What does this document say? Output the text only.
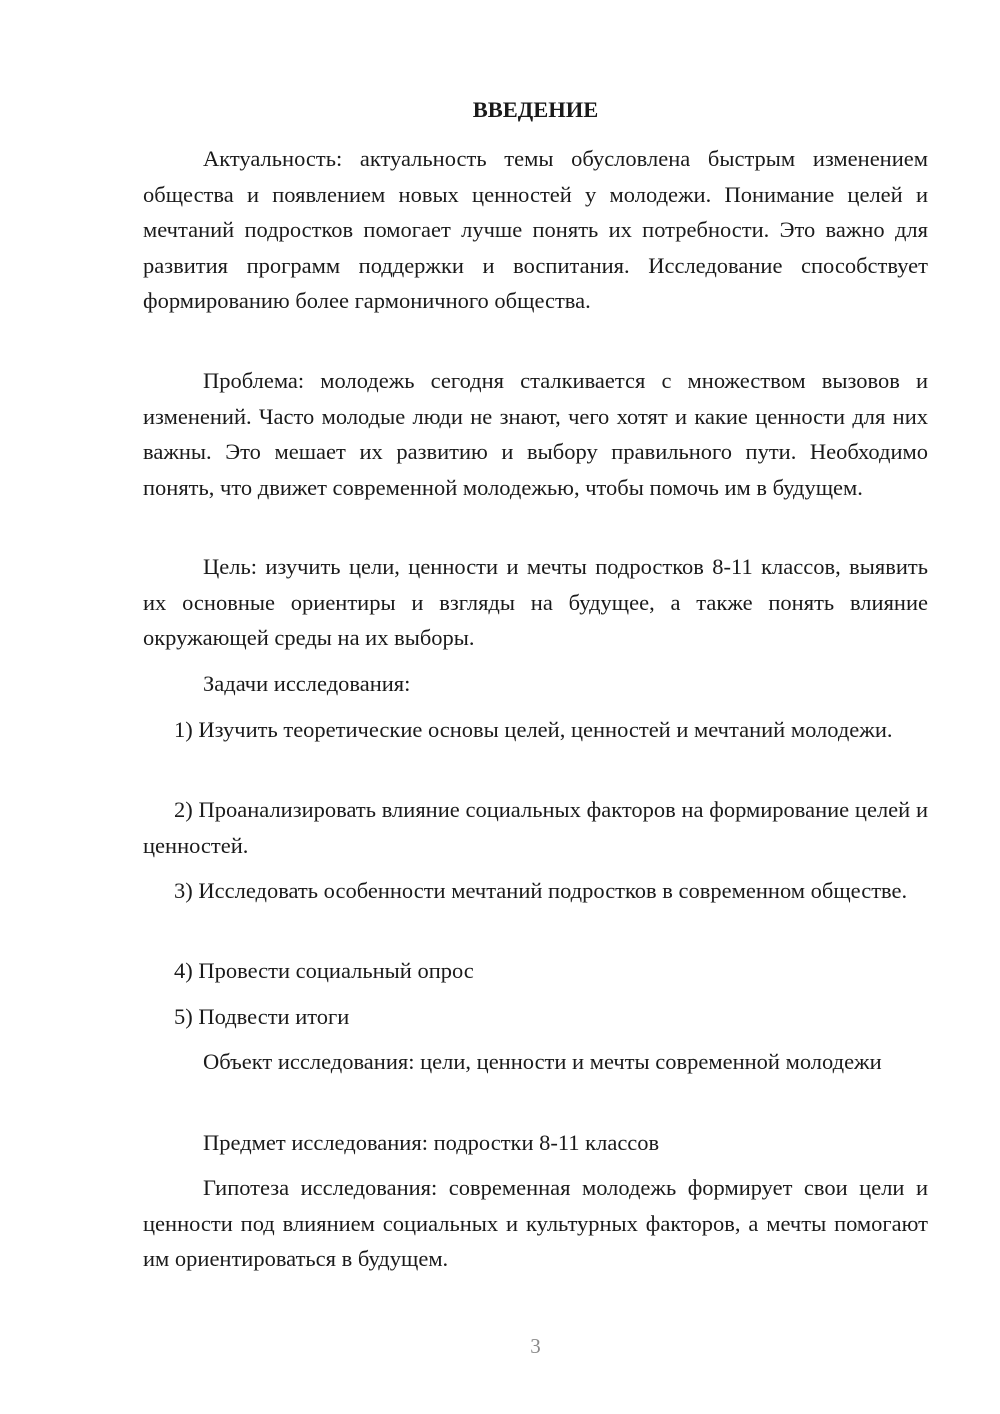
ВВЕДЕНИЕ

Актуальность: актуальность темы обусловлена быстрым изменением общества и появлением новых ценностей у молодежи. Понимание целей и мечтаний подростков помогает лучше понять их потребности. Это важно для развития программ поддержки и воспитания. Исследование способствует формированию более гармоничного общества.

Проблема: молодежь сегодня сталкивается с множеством вызовов и изменений. Часто молодые люди не знают, чего хотят и какие ценности для них важны. Это мешает их развитию и выбору правильного пути. Необходимо понять, что движет современной молодежью, чтобы помочь им в будущем.

Цель: изучить цели, ценности и мечты подростков 8-11 классов, выявить их основные ориентиры и взгляды на будущее, а также понять влияние окружающей среды на их выборы.

Задачи исследования:

1) Изучить теоретические основы целей, ценностей и мечтаний молодежи.

2) Проанализировать влияние социальных факторов на формирование целей и ценностей.

3) Исследовать особенности мечтаний подростков в современном обществе.

4) Провести социальный опрос

5) Подвести итоги

Объект исследования: цели, ценности и мечты современной молодежи

Предмет исследования: подростки 8-11 классов

Гипотеза исследования: современная молодежь формирует свои цели и ценности под влиянием социальных и культурных факторов, а мечты помогают им ориентироваться в будущем.

3
